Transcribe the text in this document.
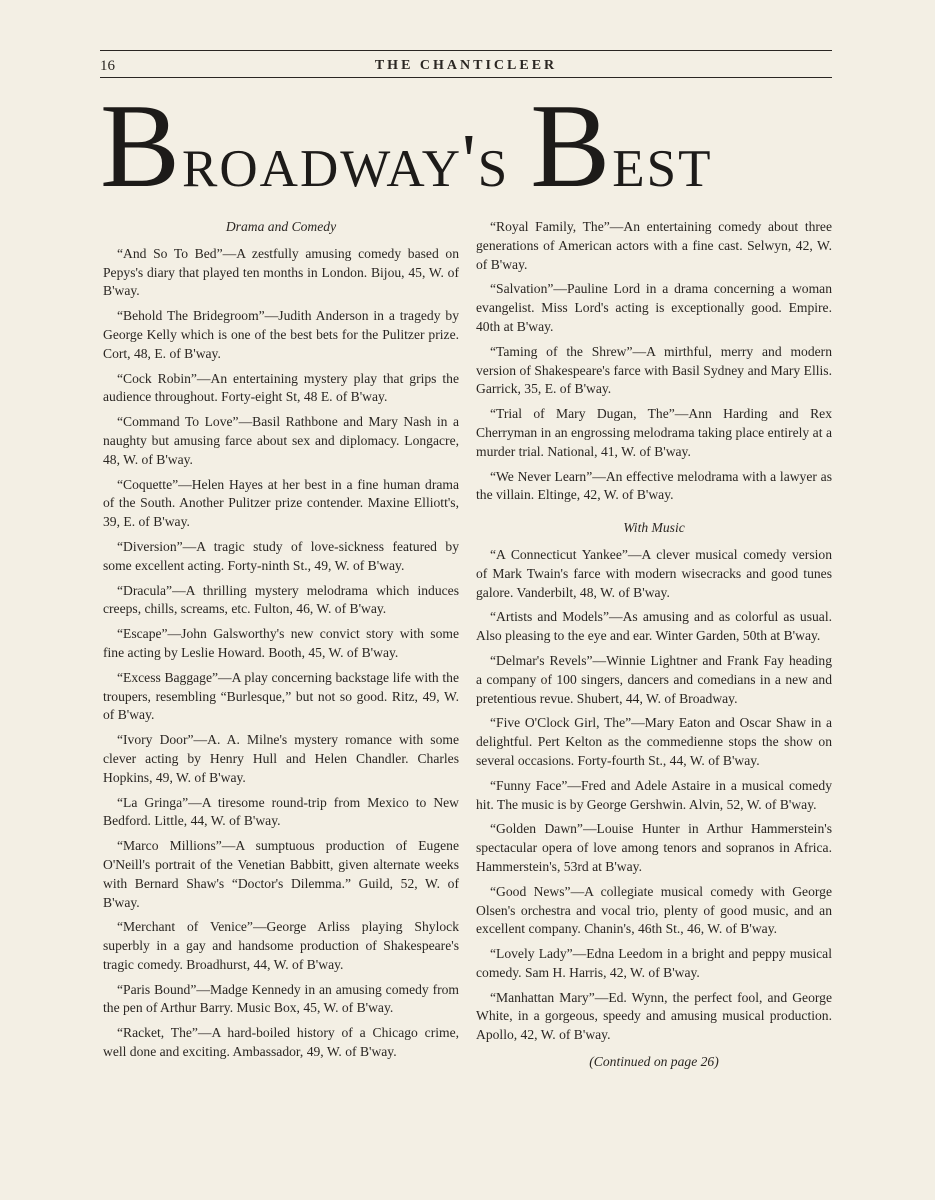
16	THE CHANTICLEER
Broadway's Best
Drama and Comedy

“And So To Bed”—A zestfully amusing comedy based on Pepys's diary that played ten months in London. Bijou, 45, W. of B'way.

“Behold The Bridegroom”—Judith Anderson in a tragedy by George Kelly which is one of the best bets for the Pulitzer prize. Cort, 48, E. of B'way.

“Cock Robin”—An entertaining mystery play that grips the audience throughout. Forty-eight St, 48 E. of B'way.

“Command To Love”—Basil Rathbone and Mary Nash in a naughty but amusing farce about sex and diplomacy. Longacre, 48, W. of B'way.

“Coquette”—Helen Hayes at her best in a fine human drama of the South. Another Pulitzer prize contender. Maxine Elliott's, 39, E. of B'way.

“Diversion”—A tragic study of love-sickness featured by some excellent acting. Forty-ninth St., 49, W. of B'way.

“Dracula”—A thrilling mystery melodrama which induces creeps, chills, screams, etc. Fulton, 46, W. of B'way.

“Escape”—John Galsworthy's new convict story with some fine acting by Leslie Howard. Booth, 45, W. of B'way.

“Excess Baggage”—A play concerning backstage life with the troupers, resembling “Burlesque,” but not so good. Ritz, 49, W. of B'way.

“Ivory Door”—A. A. Milne's mystery romance with some clever acting by Henry Hull and Helen Chandler. Charles Hopkins, 49, W. of B'way.

“La Gringa”—A tiresome round-trip from Mexico to New Bedford. Little, 44, W. of B'way.

“Marco Millions”—A sumptuous production of Eugene O'Neill's portrait of the Venetian Babbitt, given alternate weeks with Bernard Shaw's “Doctor's Dilemma.” Guild, 52, W. of B'way.

“Merchant of Venice”—George Arliss playing Shylock superbly in a gay and handsome production of Shakespeare's tragic comedy. Broadhurst, 44, W. of B'way.

“Paris Bound”—Madge Kennedy in an amusing comedy from the pen of Arthur Barry. Music Box, 45, W. of B'way.

“Racket, The”—A hard-boiled history of a Chicago crime, well done and exciting. Ambassador, 49, W. of B'way.

“Royal Family, The”—An entertaining comedy about three generations of American actors with a fine cast. Selwyn, 42, W. of B'way.

“Salvation”—Pauline Lord in a drama concerning a woman evangelist. Miss Lord's acting is exceptionally good. Empire. 40th at B'way.

“Taming of the Shrew”—A mirthful, merry and modern version of Shakespeare's farce with Basil Sydney and Mary Ellis. Garrick, 35, E. of B'way.

“Trial of Mary Dugan, The”—Ann Harding and Rex Cherryman in an engrossing melodrama taking place entirely at a murder trial. National, 41, W. of B'way.

“We Never Learn”—An effective melodrama with a lawyer as the villain. Eltinge, 42, W. of B'way.

With Music

“A Connecticut Yankee”—A clever musical comedy version of Mark Twain's farce with modern wisecracks and good tunes galore. Vanderbilt, 48, W. of B'way.

“Artists and Models”—As amusing and as colorful as usual. Also pleasing to the eye and ear. Winter Garden, 50th at B'way.

“Delmar's Revels”—Winnie Lightner and Frank Fay heading a company of 100 singers, dancers and comedians in a new and pretentious revue. Shubert, 44, W. of Broadway.

“Five O'Clock Girl, The”—Mary Eaton and Oscar Shaw in a delightful. Pert Kelton as the commedienne stops the show on several occasions. Forty-fourth St., 44, W. of B'way.

“Funny Face”—Fred and Adele Astaire in a musical comedy hit. The music is by George Gershwin. Alvin, 52, W. of B'way.

“Golden Dawn”—Louise Hunter in Arthur Hammerstein's spectacular opera of love among tenors and sopranos in Africa. Hammerstein's, 53rd at B'way.

“Good News”—A collegiate musical comedy with George Olsen's orchestra and vocal trio, plenty of good music, and an excellent company. Chanin's, 46th St., 46, W. of B'way.

“Lovely Lady”—Edna Leedom in a bright and peppy musical comedy. Sam H. Harris, 42, W. of B'way.

“Manhattan Mary”—Ed. Wynn, the perfect fool, and George White, in a gorgeous, speedy and amusing musical production. Apollo, 42, W. of B'way.

(Continued on page 26)
